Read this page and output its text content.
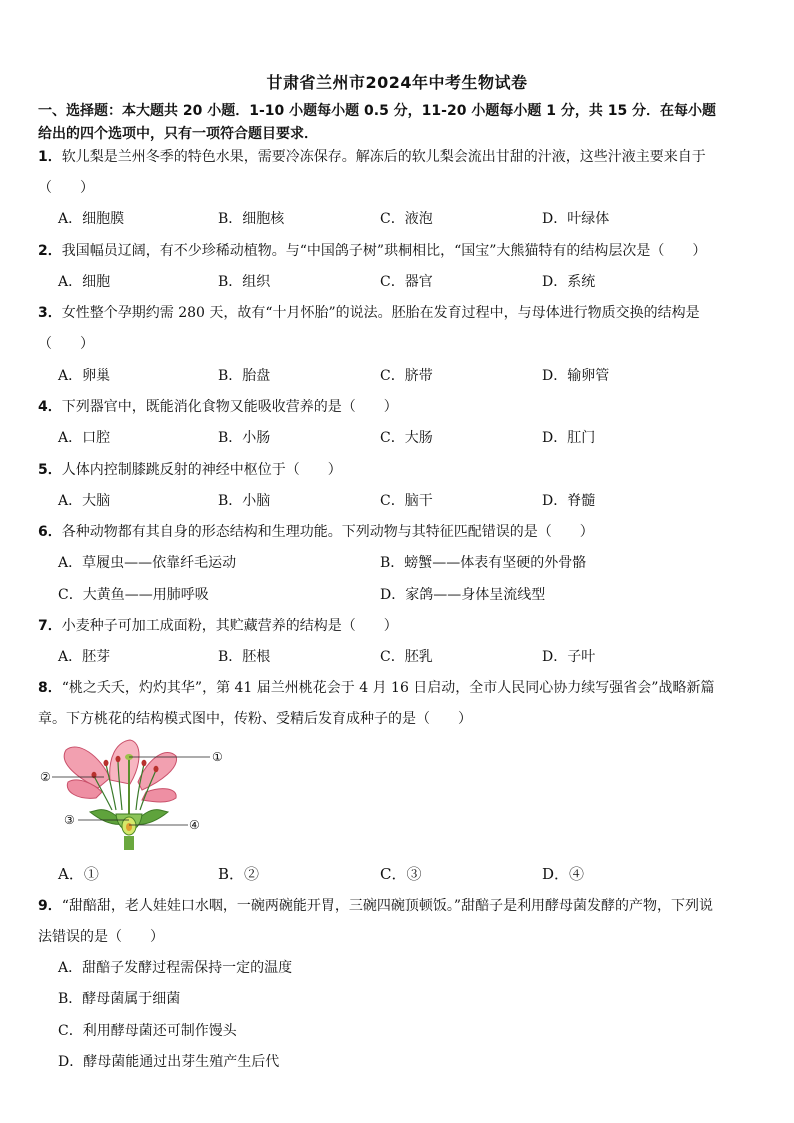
甘肃省兰州市2024年中考生物试卷
一、选择题：本大题共 20 小题．1-10 小题每小题 0.5 分，11-20 小题每小题 1 分，共 15 分．在每小题
给出的四个选项中，只有一项符合题目要求．
1．软儿梨是兰州冬季的特色水果，需要冷冻保存。解冻后的软儿梨会流出甘甜的汁液，这些汁液主要来自于
（　　）
A．细胞膜	B．细胞核	C．液泡	D．叶绿体
2．我国幅员辽阔，有不少珍稀动植物。与“中国鸽子树”珙桐相比，“国宝”大熊猫特有的结构层次是（　　）
A．细胞	B．组织	C．器官	D．系统
3．女性整个孕期约需 280 天，故有“十月怀胎”的说法。胚胎在发育过程中，与母体进行物质交换的结构是
（　　）
A．卵巢	B．胎盘	C．脐带	D．输卵管
4．下列器官中，既能消化食物又能吸收营养的是（　　）
A．口腔	B．小肠	C．大肠	D．肛门
5．人体内控制膝跳反射的神经中枢位于（　　）
A．大脑	B．小脑	C．脑干	D．脊髓
6．各种动物都有其自身的形态结构和生理功能。下列动物与其特征匹配错误的是（　　）
A．草履虫——依靠纤毛运动	B．螃蟹——体表有坚硬的外骨骼
C．大黄鱼——用肺呼吸	D．家鸽——身体呈流线型
7．小麦种子可加工成面粉，其贮藏营养的结构是（　　）
A．胚芽	B．胚根	C．胚乳	D．子叶
8．“桃之夭夭，灼灼其华”，第 41 届兰州桃花会于 4 月 16 日启动，全市人民同心协力续写强省会”战略新篇
章。下方桃花的结构模式图中，传粉、受精后发育成种子的是（　　）
①
②
③	④
A．①	B．②	C．③	D．④
9．“甜醅甜，老人娃娃口水咽，一碗两碗能开胃，三碗四碗顶顿饭。”甜醅子是利用酵母菌发酵的产物，下列说
法错误的是（　　）
A．甜醅子发酵过程需保持一定的温度
B．酵母菌属于细菌
C．利用酵母菌还可制作馒头
D．酵母菌能通过出芽生殖产生后代
